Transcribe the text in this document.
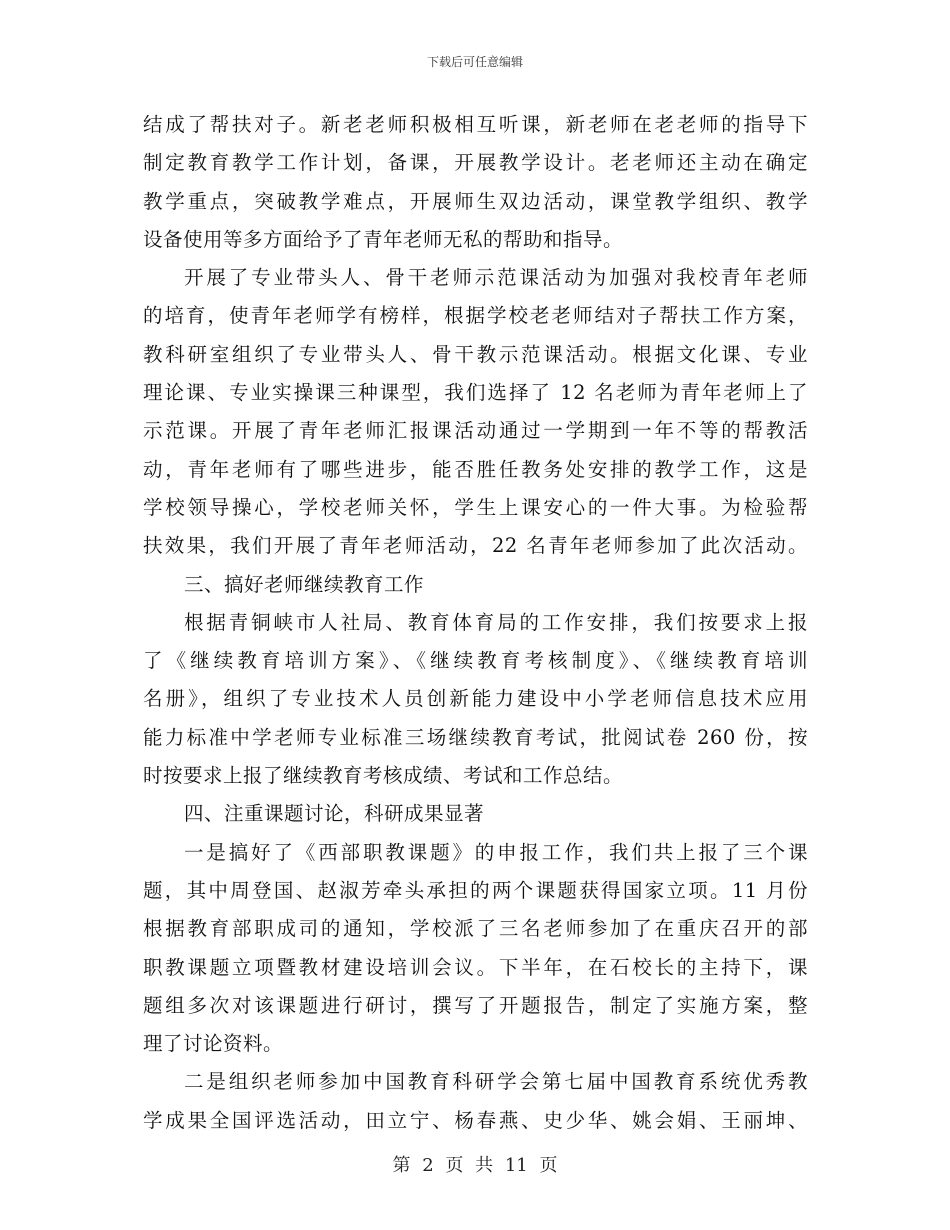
下载后可任意编辑
结成了帮扶对子。新老老师积极相互听课，新老师在老老师的指导下
制定教育教学工作计划，备课，开展教学设计。老老师还主动在确定
教学重点，突破教学难点，开展师生双边活动，课堂教学组织、教学
设备使用等多方面给予了青年老师无私的帮助和指导。
开展了专业带头人、骨干老师示范课活动为加强对我校青年老师
的培育，使青年老师学有榜样，根据学校老老师结对子帮扶工作方案，
教科研室组织了专业带头人、骨干教示范课活动。根据文化课、专业
理论课、专业实操课三种课型，我们选择了 12 名老师为青年老师上了
示范课。开展了青年老师汇报课活动通过一学期到一年不等的帮教活
动，青年老师有了哪些进步，能否胜任教务处安排的教学工作，这是
学校领导操心，学校老师关怀，学生上课安心的一件大事。为检验帮
扶效果，我们开展了青年老师活动，22 名青年老师参加了此次活动。
三、搞好老师继续教育工作
根据青铜峡市人社局、教育体育局的工作安排，我们按要求上报
了《继续教育培训方案》、《继续教育考核制度》、《继续教育培训
名册》，组织了专业技术人员创新能力建设中小学老师信息技术应用
能力标准中学老师专业标准三场继续教育考试，批阅试卷 260 份，按
时按要求上报了继续教育考核成绩、考试和工作总结。
四、注重课题讨论，科研成果显著
一是搞好了《西部职教课题》的申报工作，我们共上报了三个课
题，其中周登国、赵淑芳牵头承担的两个课题获得国家立项。11 月份
根据教育部职成司的通知，学校派了三名老师参加了在重庆召开的部
职教课题立项暨教材建设培训会议。下半年，在石校长的主持下，课
题组多次对该课题进行研讨，撰写了开题报告，制定了实施方案，整
理了讨论资料。
二是组织老师参加中国教育科研学会第七届中国教育系统优秀教
学成果全国评选活动，田立宁、杨春燕、史少华、姚会娟、王丽坤、
第 2 页 共 11 页
